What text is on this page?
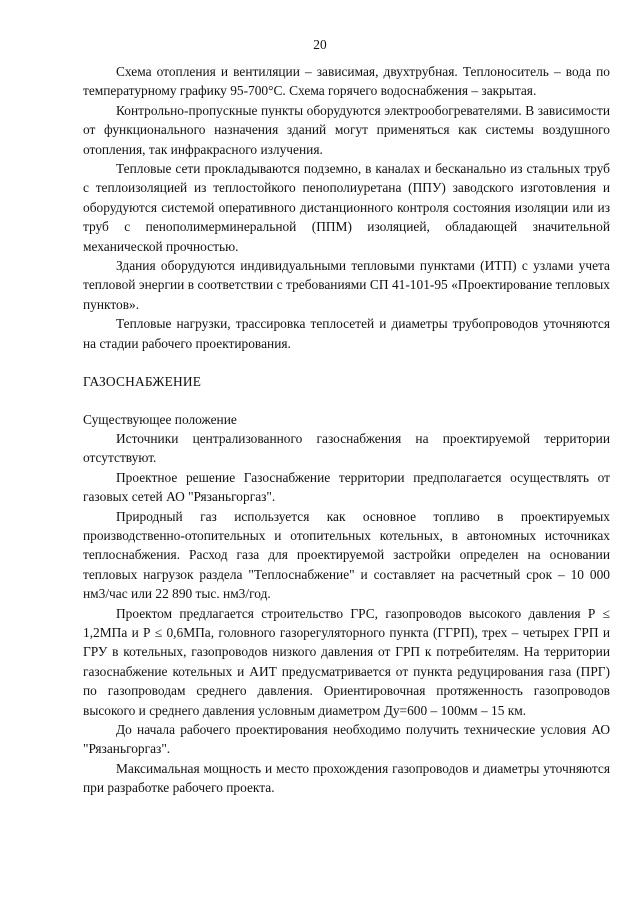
20

Схема отопления и вентиляции – зависимая, двухтрубная. Теплоноситель – вода по температурному графику 95-700°С. Схема горячего водоснабжения – закрытая.

Контрольно-пропускные пункты оборудуются электрообогревателями. В зависимости от функционального назначения зданий могут применяться как системы воздушного отопления, так инфракрасного излучения.

Тепловые сети прокладываются подземно, в каналах и бесканально из стальных труб с теплоизоляцией из теплостойкого пенополиуретана (ППУ) заводского изготовления и оборудуются системой оперативного дистанционного контроля состояния изоляции или из труб с пенополимерминеральной (ППМ) изоляцией, обладающей значительной механической прочностью.

Здания оборудуются индивидуальными тепловыми пунктами (ИТП) с узлами учета тепловой энергии в соответствии с требованиями СП 41-101-95 «Проектирование тепловых пунктов».

Тепловые нагрузки, трассировка теплосетей и диаметры трубопроводов уточняются на стадии рабочего проектирования.

ГАЗОСНАБЖЕНИЕ

Существующее положение

Источники централизованного газоснабжения на проектируемой территории отсутствуют.

Проектное решение Газоснабжение территории предполагается осуществлять от газовых сетей АО "Рязаньгоргаз".

Природный газ используется как основное топливо в проектируемых производственно-отопительных и отопительных котельных, в автономных источниках теплоснабжения. Расход газа для проектируемой застройки определен на основании тепловых нагрузок раздела "Теплоснабжение" и составляет на расчетный срок – 10 000 нм3/час или 22 890 тыс. нм3/год.

Проектом предлагается строительство ГРС, газопроводов высокого давления Р ≤ 1,2МПа и Р ≤ 0,6МПа, головного газорегуляторного пункта (ГГРП), трех – четырех ГРП и ГРУ в котельных, газопроводов низкого давления от ГРП к потребителям. На территории газоснабжение котельных и АИТ предусматривается от пункта редуцирования газа (ПРГ) по газопроводам среднего давления. Ориентировочная протяженность газопроводов высокого и среднего давления условным диаметром Ду=600 – 100мм – 15 км.

До начала рабочего проектирования необходимо получить технические условия АО "Рязаньгоргаз".

Максимальная мощность и место прохождения газопроводов и диаметры уточняются при разработке рабочего проекта.
